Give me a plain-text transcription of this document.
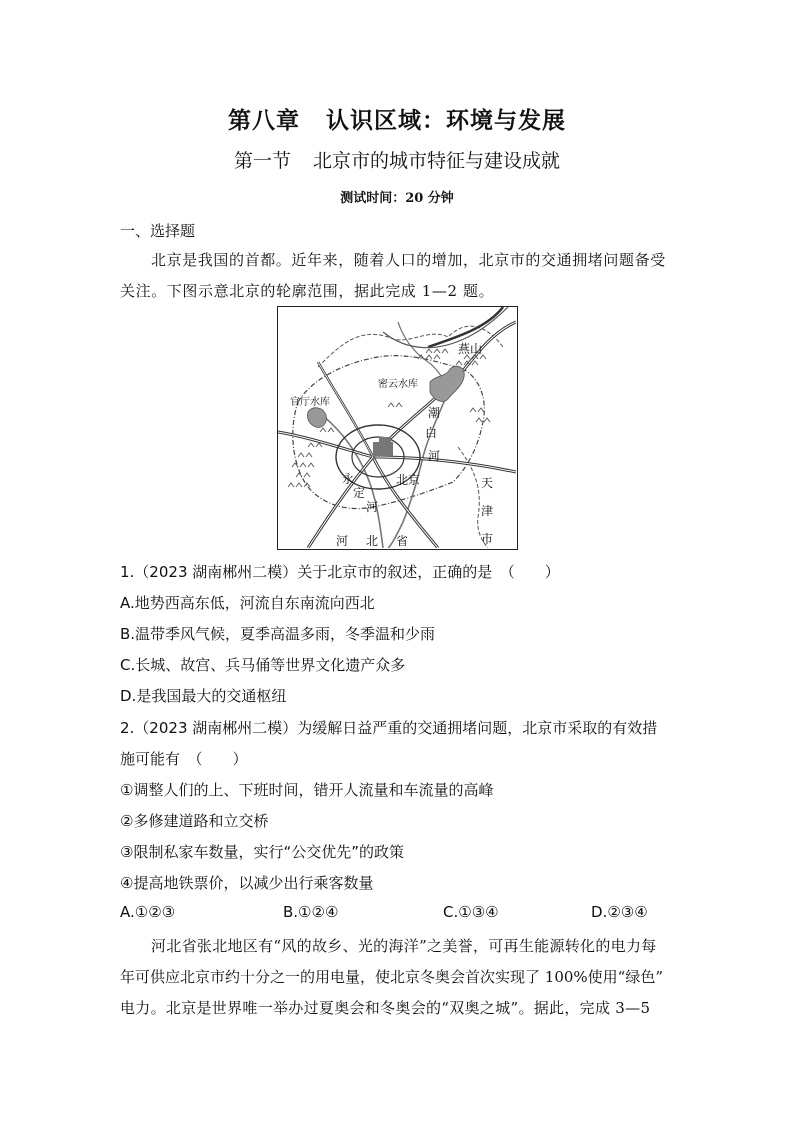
第八章 认识区域：环境与发展
第一节 北京市的城市特征与建设成就
测试时间：20 分钟
一、选择题
北京是我国的首都。近年来，随着人口的增加，北京市的交通拥堵问题备受
关注。下图示意北京的轮廓范围，据此完成 1—2 题。
燕山
密云水库
官厅水库
潮
白
河
永
定
河
北京	天
津
市
河 北 省
1.（2023 湖南郴州二模）关于北京市的叙述，正确的是　（　　）
A.地势西高东低，河流自东南流向西北
B.温带季风气候，夏季高温多雨，冬季温和少雨
C.长城、故宫、兵马俑等世界文化遗产众多
D.是我国最大的交通枢纽
2.（2023 湖南郴州二模）为缓解日益严重的交通拥堵问题，北京市采取的有效措
施可能有　（　　）
①调整人们的上、下班时间，错开人流量和车流量的高峰
②多修建道路和立交桥
③限制私家车数量，实行“公交优先”的政策
④提高地铁票价，以减少出行乘客数量
A.①②③	B.①②④	C.①③④	D.②③④
河北省张北地区有“风的故乡、光的海洋”之美誉，可再生能源转化的电力每
年可供应北京市约十分之一的用电量，使北京冬奥会首次实现了 100%使用“绿色”
电力。北京是世界唯一举办过夏奥会和冬奥会的“双奥之城”。据此，完成 3—5
